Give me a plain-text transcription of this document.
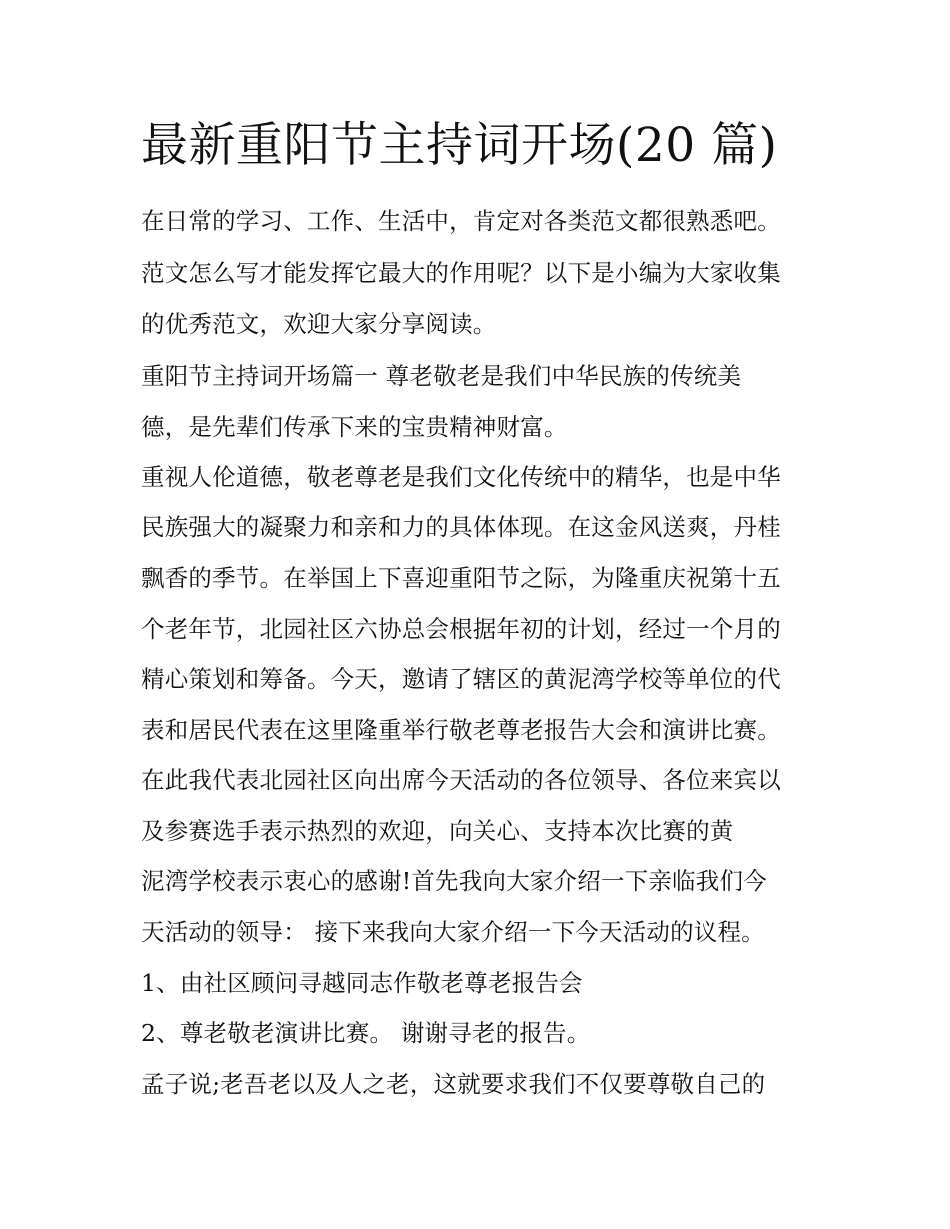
最新重阳节主持词开场(20 篇)

在日常的学习、工作、生活中，肯定对各类范文都很熟悉吧。

范文怎么写才能发挥它最大的作用呢？以下是小编为大家收集

的优秀范文，欢迎大家分享阅读。

重阳节主持词开场篇一 尊老敬老是我们中华民族的传统美

德，是先辈们传承下来的宝贵精神财富。

重视人伦道德，敬老尊老是我们文化传统中的精华，也是中华

民族强大的凝聚力和亲和力的具体体现。在这金风送爽，丹桂

飘香的季节。在举国上下喜迎重阳节之际，为隆重庆祝第十五

个老年节，北园社区六协总会根据年初的计划，经过一个月的

精心策划和筹备。今天，邀请了辖区的黄泥湾学校等单位的代

表和居民代表在这里隆重举行敬老尊老报告大会和演讲比赛。

在此我代表北园社区向出席今天活动的各位领导、各位来宾以

及参赛选手表示热烈的欢迎，向关心、支持本次比赛的黄

泥湾学校表示衷心的感谢!首先我向大家介绍一下亲临我们今

天活动的领导： 接下来我向大家介绍一下今天活动的议程。

1、由社区顾问寻越同志作敬老尊老报告会

2、尊老敬老演讲比赛。 谢谢寻老的报告。

孟子说;老吾老以及人之老，这就要求我们不仅要尊敬自己的
